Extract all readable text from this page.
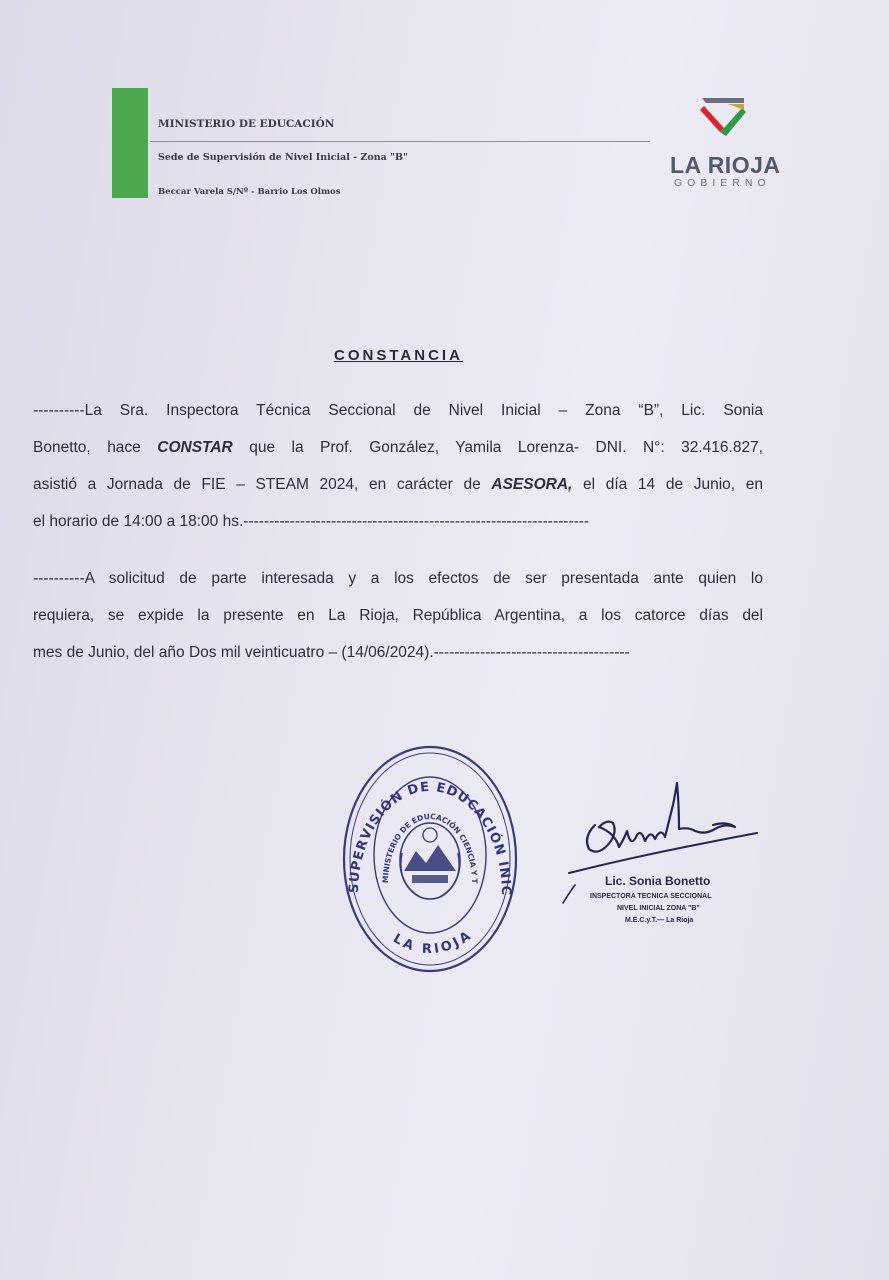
MINISTERIO DE EDUCACIÓN
Sede de Supervisión de Nivel Inicial - Zona "B"
Beccar Varela S/Nº - Barrio Los Olmos
LA RIOJA
GOBIERNO
CONSTANCIA
----------La Sra. Inspectora Técnica Seccional de Nivel Inicial – Zona “B”, Lic. Sonia
Bonetto, hace CONSTAR que la Prof. González, Yamila Lorenza- DNI. N°: 32.416.827,
asistió a Jornada de FIE – STEAM 2024, en carácter de ASESORA, el día 14 de Junio, en
el horario de 14:00 a 18:00 hs.-------------------------------------------------------------------
----------A solicitud de parte interesada y a los efectos de ser presentada ante quien lo
requiera, se expide la presente en La Rioja, República Argentina, a los catorce días del
mes de Junio, del año Dos mil veinticuatro – (14/06/2024).--------------------------------------
SUPERVISIÓN DE EDUCACIÓN INIC
MINISTERIO DE EDUCACIÓN CIENCIA Y T
LA RIOJA
Lic. Sonia Bonetto
INSPECTORA TECNICA SECCIONAL
NIVEL INICIAL ZONA "B"
M.E.C.y.T.— La Rioja
